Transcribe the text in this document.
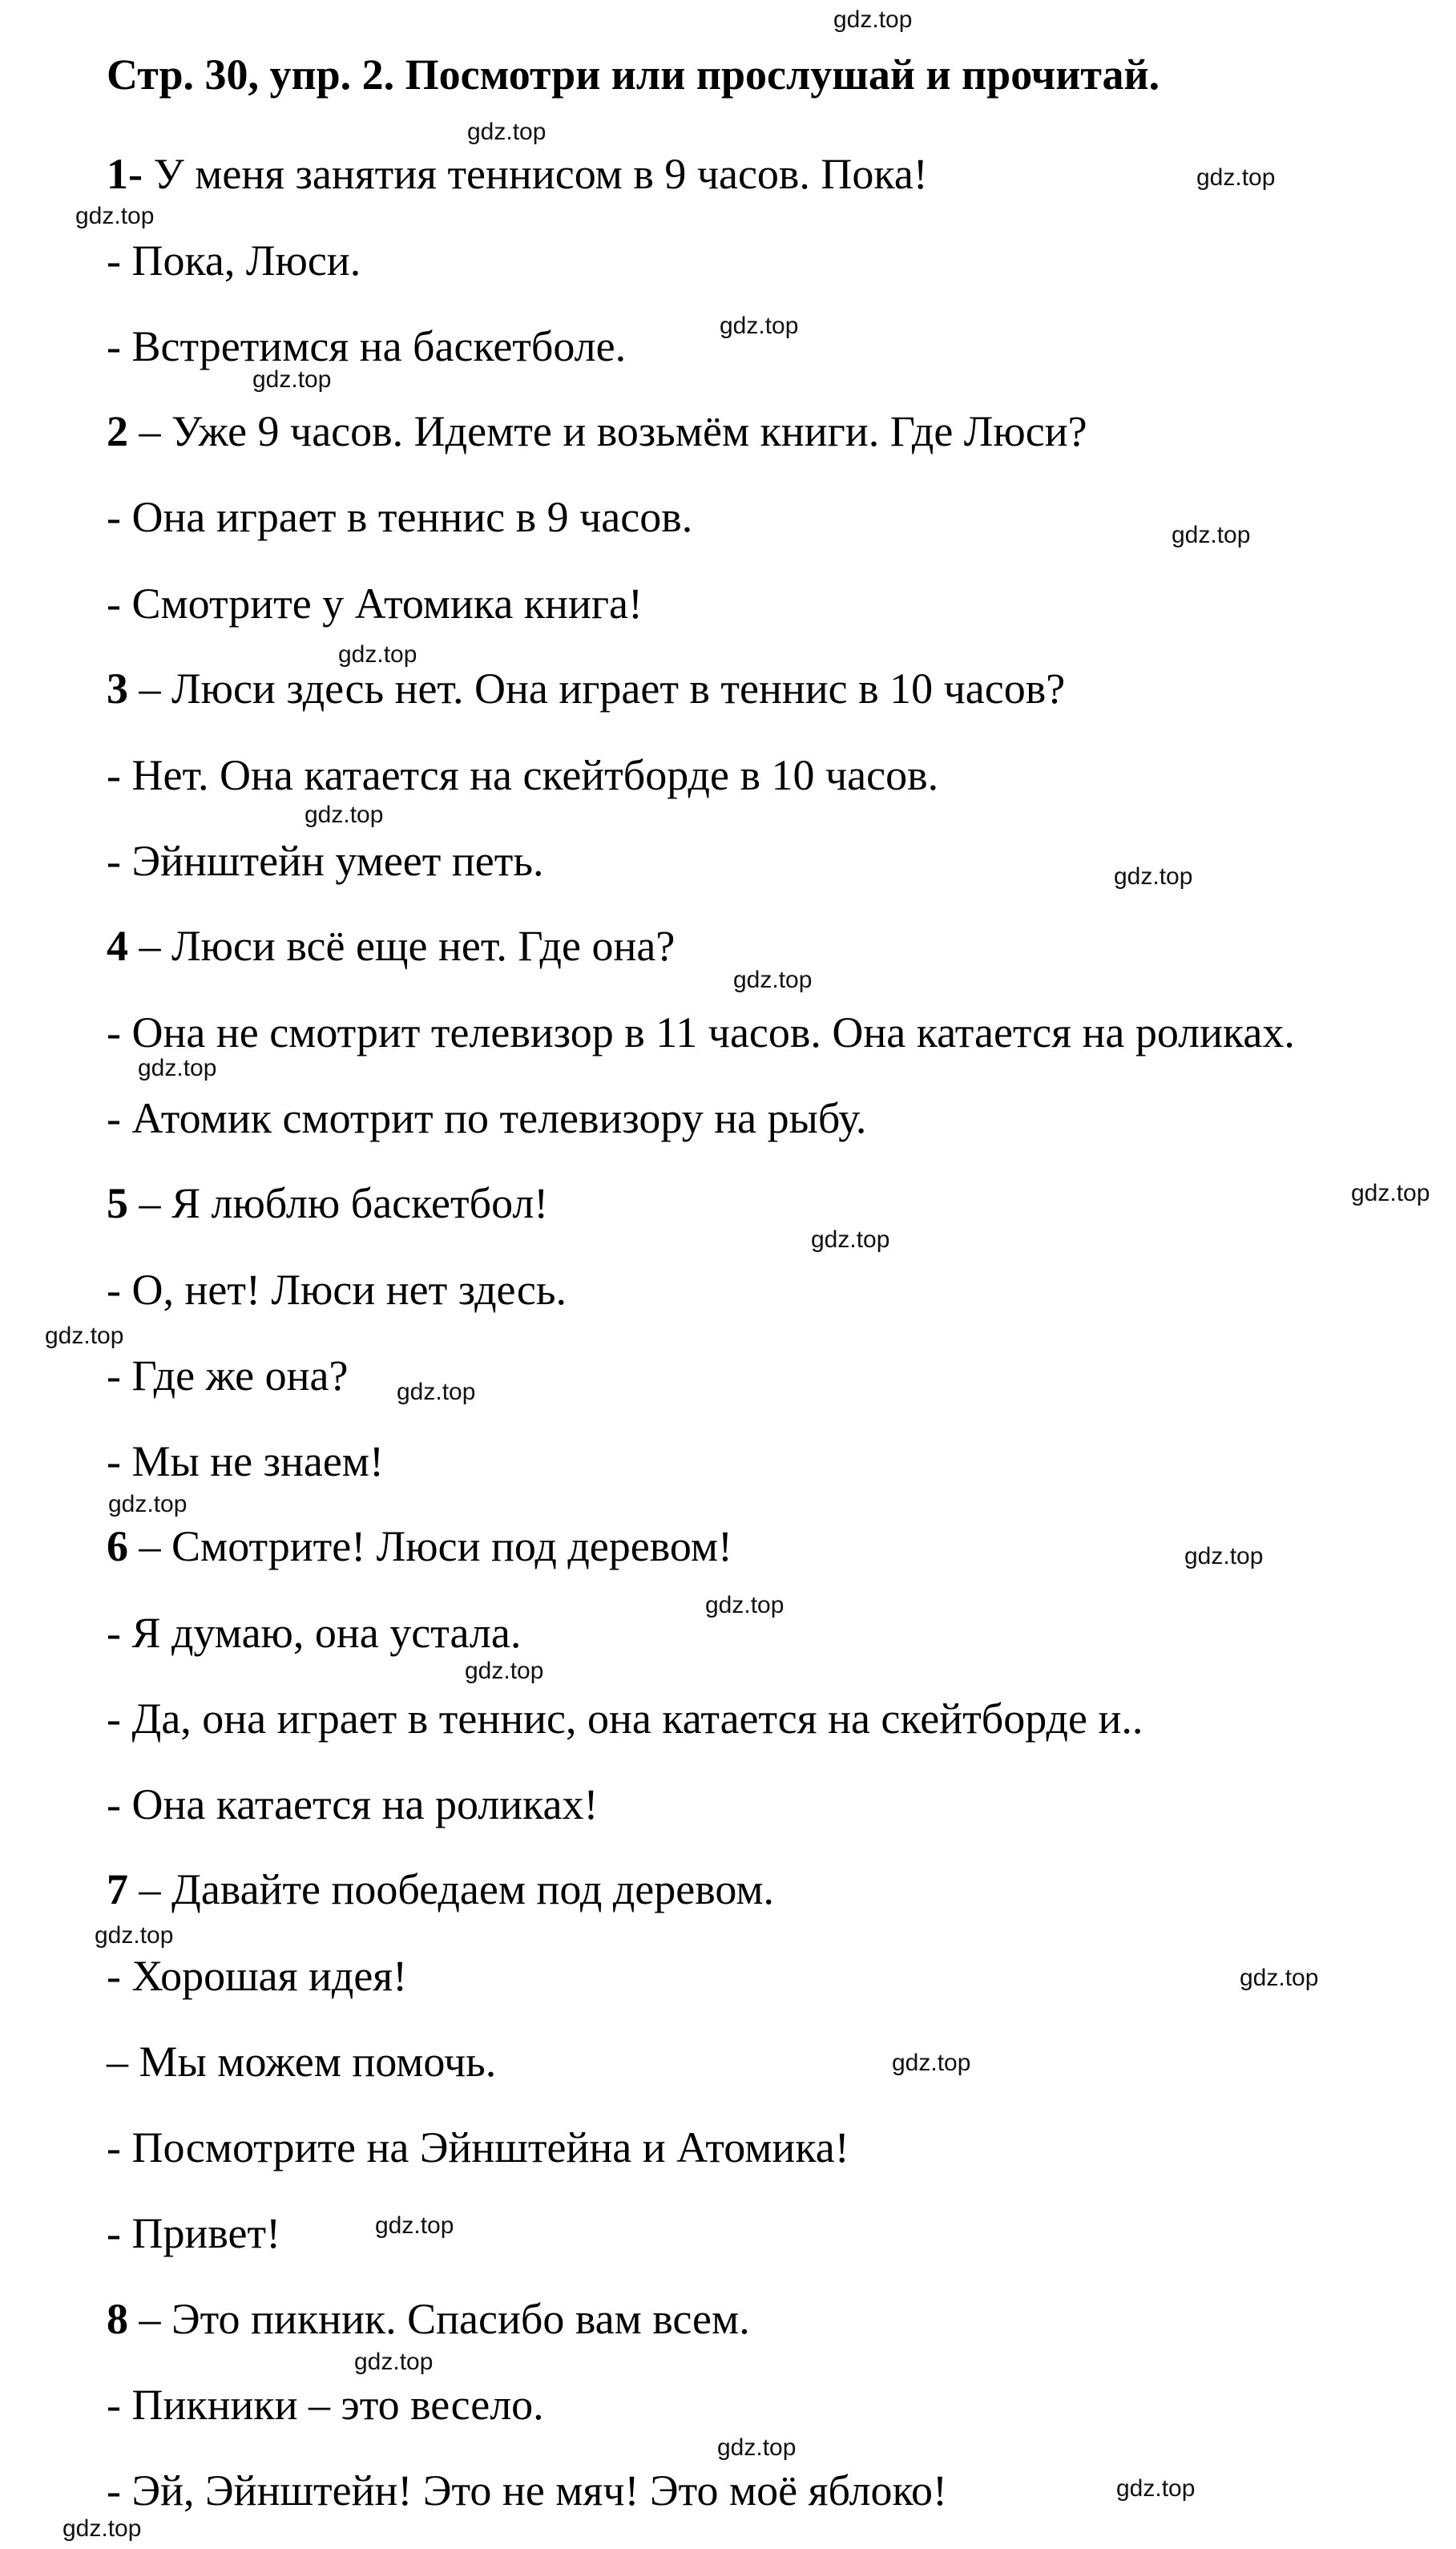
Стр. 30, упр. 2. Посмотри или прослушай и прочитай.
1- У меня занятия теннисом в 9 часов. Пока!
- Пока, Люси.
- Встретимся на баскетболе.
2 – Уже 9 часов. Идемте и возьмём книги. Где Люси?
- Она играет в теннис в 9 часов.
- Смотрите у Атомика книга!
3 – Люси здесь нет. Она играет в теннис в 10 часов?
- Нет. Она катается на скейтборде в 10 часов.
- Эйнштейн умеет петь.
4 – Люси всё еще нет. Где она?
- Она не смотрит телевизор в 11 часов. Она катается на роликах.
- Атомик смотрит по телевизору на рыбу.
5 – Я люблю баскетбол!
- О, нет! Люси нет здесь.
- Где же она?
- Мы не знаем!
6 – Смотрите! Люси под деревом!
- Я думаю, она устала.
- Да, она играет в теннис, она катается на скейтборде и..
- Она катается на роликах!
7 – Давайте пообедаем под деревом.
- Хорошая идея!
– Мы можем помочь.
- Посмотрите на Эйнштейна и Атомика!
- Привет!
8 – Это пикник. Спасибо вам всем.
- Пикники – это весело.
- Эй, Эйнштейн! Это не мяч! Это моё яблоко!
gdz.top
gdz.top
gdz.top
gdz.top
gdz.top
gdz.top
gdz.top
gdz.top
gdz.top
gdz.top
gdz.top
gdz.top
gdz.top
gdz.top
gdz.top
gdz.top
gdz.top
gdz.top
gdz.top
gdz.top
gdz.top
gdz.top
gdz.top
gdz.top
gdz.top
gdz.top
gdz.top
gdz.top
